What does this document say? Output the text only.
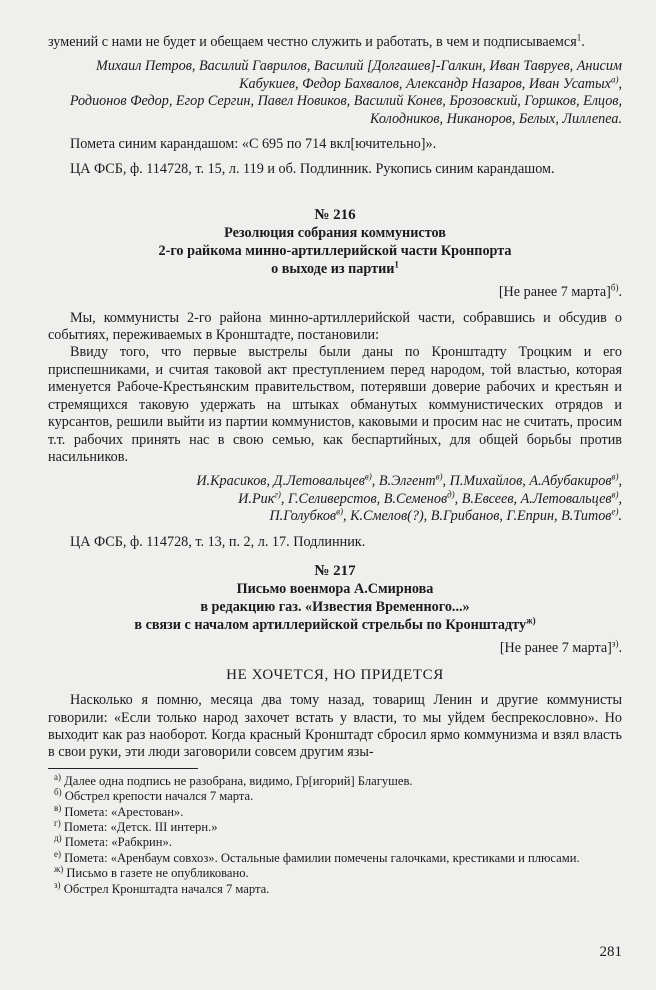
зумений с нами не будет и обещаем честно служить и работать, в чем и подписываемся$^1$.

Михаил Петров, Василий Гаврилов, Василий [Долгашев]-Галкин, Иван Тавруев, Анисим Кабукиев, Федор Бахвалов, Александр Назаров, Иван Усатых$^{а)}$,
Родионов Федор, Егор Сергин, Павел Новиков, Василий Конев, Брозовский, Горшков, Елцов, Колодников, Никаноров, Белых, Лиллепеа.

Помета синим карандашом: «С 695 по 714 вкл[ючительно]».

ЦА ФСБ, ф. 114728, т. 15, л. 119 и об. Подлинник. Рукопись синим карандашом.

№ 216
Резолюция собрания коммунистов
2-го райкома минно-артиллерийской части Кронпорта
о выходе из партии$^1$

[Не ранее 7 марта]$^{б)}$.

Мы, коммунисты 2-го района минно-артиллерийской части, собравшись и обсудив о событиях, переживаемых в Кронштадте, постановили:

Ввиду того, что первые выстрелы были даны по Кронштадту Троцким и его приспешниками, и считая таковой акт преступлением перед народом, той властью, которая именуется Рабоче-Крестьянским правительством, потерявши доверие рабочих и крестьян и стремящихся таковую удержать на штыках обманутых коммунистических отрядов и курсантов, решили выйти из партии коммунистов, каковыми и просим нас не считать, просим т.т. рабочих принять нас в свою семью, как беспартийных, для общей борьбы против насильников.

И.Красиков, Д.Летовальцев$^{в)}$, В.Элгент$^{в)}$, П.Михайлов, А.Абубакиров$^{в)}$,
И.Рик$^{г)}$, Г.Селиверстов, В.Семенов$^{д)}$, В.Евсеев, А.Летовальцев$^{в)}$,
П.Голубков$^{в)}$, К.Смелов(?), В.Грибанов, Г.Еприн, В.Титов$^{е)}$.

ЦА ФСБ, ф. 114728, т. 13, п. 2, л. 17. Подлинник.

№ 217
Письмо военмора А.Смирнова
в редакцию газ. «Известия Временного...»
в связи с началом артиллерийской стрельбы по Кронштадту$^{ж)}$

[Не ранее 7 марта]$^{з)}$.

НЕ ХОЧЕТСЯ, НО ПРИДЕТСЯ

Насколько я помню, месяца два тому назад, товарищ Ленин и другие коммунисты говорили: «Если только народ захочет встать у власти, то мы уйдем беспрекословно». Но выходит как раз наоборот. Когда красный Кронштадт сбросил ярмо коммунизма и взял власть в свои руки, эти люди заговорили совсем другим язы-

$^{а)}$ Далее одна подпись не разобрана, видимо, Гр[игорий] Благушев.

$^{б)}$ Обстрел крепости начался 7 марта.

$^{в)}$ Помета: «Арестован».

$^{г)}$ Помета: «Детск. III интерн.»

$^{д)}$ Помета: «Рабкрин».

$^{е)}$ Помета: «Аренбаум совхоз». Остальные фамилии помечены галочками, крестиками и плюсами.

$^{ж)}$ Письмо в газете не опубликовано.

$^{з)}$ Обстрел Кронштадта начался 7 марта.

281
